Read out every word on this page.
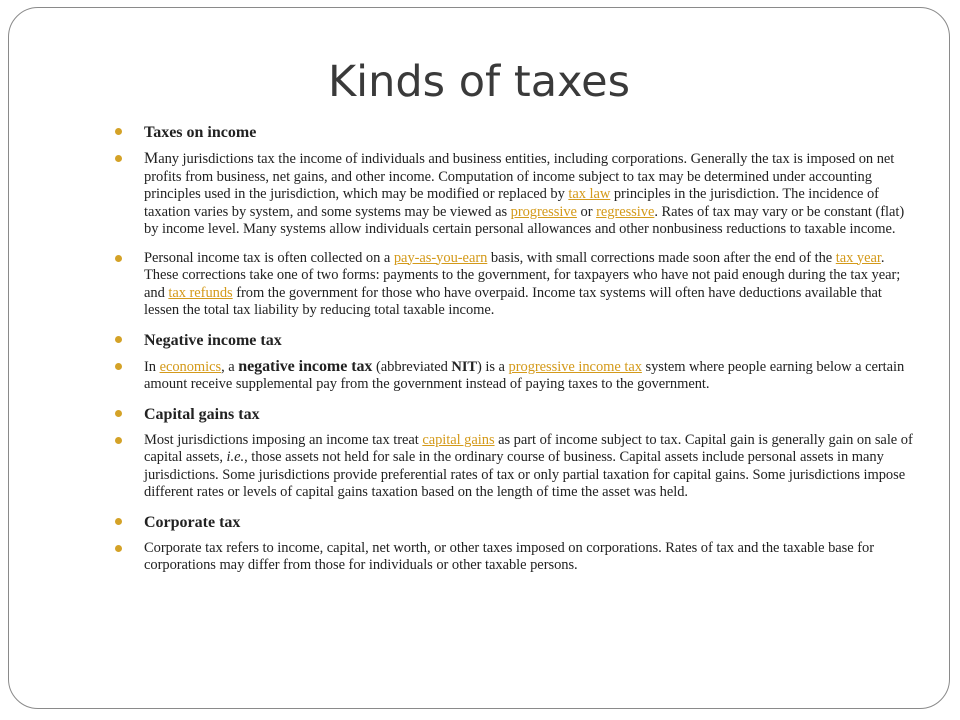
Kinds of taxes
Taxes on income
Many jurisdictions tax the income of individuals and business entities, including corporations. Generally the tax is imposed on net profits from business, net gains, and other income. Computation of income subject to tax may be determined under accounting principles used in the jurisdiction, which may be modified or replaced by tax law principles in the jurisdiction. The incidence of taxation varies by system, and some systems may be viewed as progressive or regressive. Rates of tax may vary or be constant (flat) by income level. Many systems allow individuals certain personal allowances and other nonbusiness reductions to taxable income.
Personal income tax is often collected on a pay-as-you-earn basis, with small corrections made soon after the end of the tax year. These corrections take one of two forms: payments to the government, for taxpayers who have not paid enough during the tax year; and tax refunds from the government for those who have overpaid. Income tax systems will often have deductions available that lessen the total tax liability by reducing total taxable income.
Negative income tax
In economics, a negative income tax (abbreviated NIT) is a progressive income tax system where people earning below a certain amount receive supplemental pay from the government instead of paying taxes to the government.
Capital gains tax
Most jurisdictions imposing an income tax treat capital gains as part of income subject to tax. Capital gain is generally gain on sale of capital assets, i.e., those assets not held for sale in the ordinary course of business. Capital assets include personal assets in many jurisdictions. Some jurisdictions provide preferential rates of tax or only partial taxation for capital gains. Some jurisdictions impose different rates or levels of capital gains taxation based on the length of time the asset was held.
Corporate tax
Corporate tax refers to income, capital, net worth, or other taxes imposed on corporations. Rates of tax and the taxable base for corporations may differ from those for individuals or other taxable persons.
